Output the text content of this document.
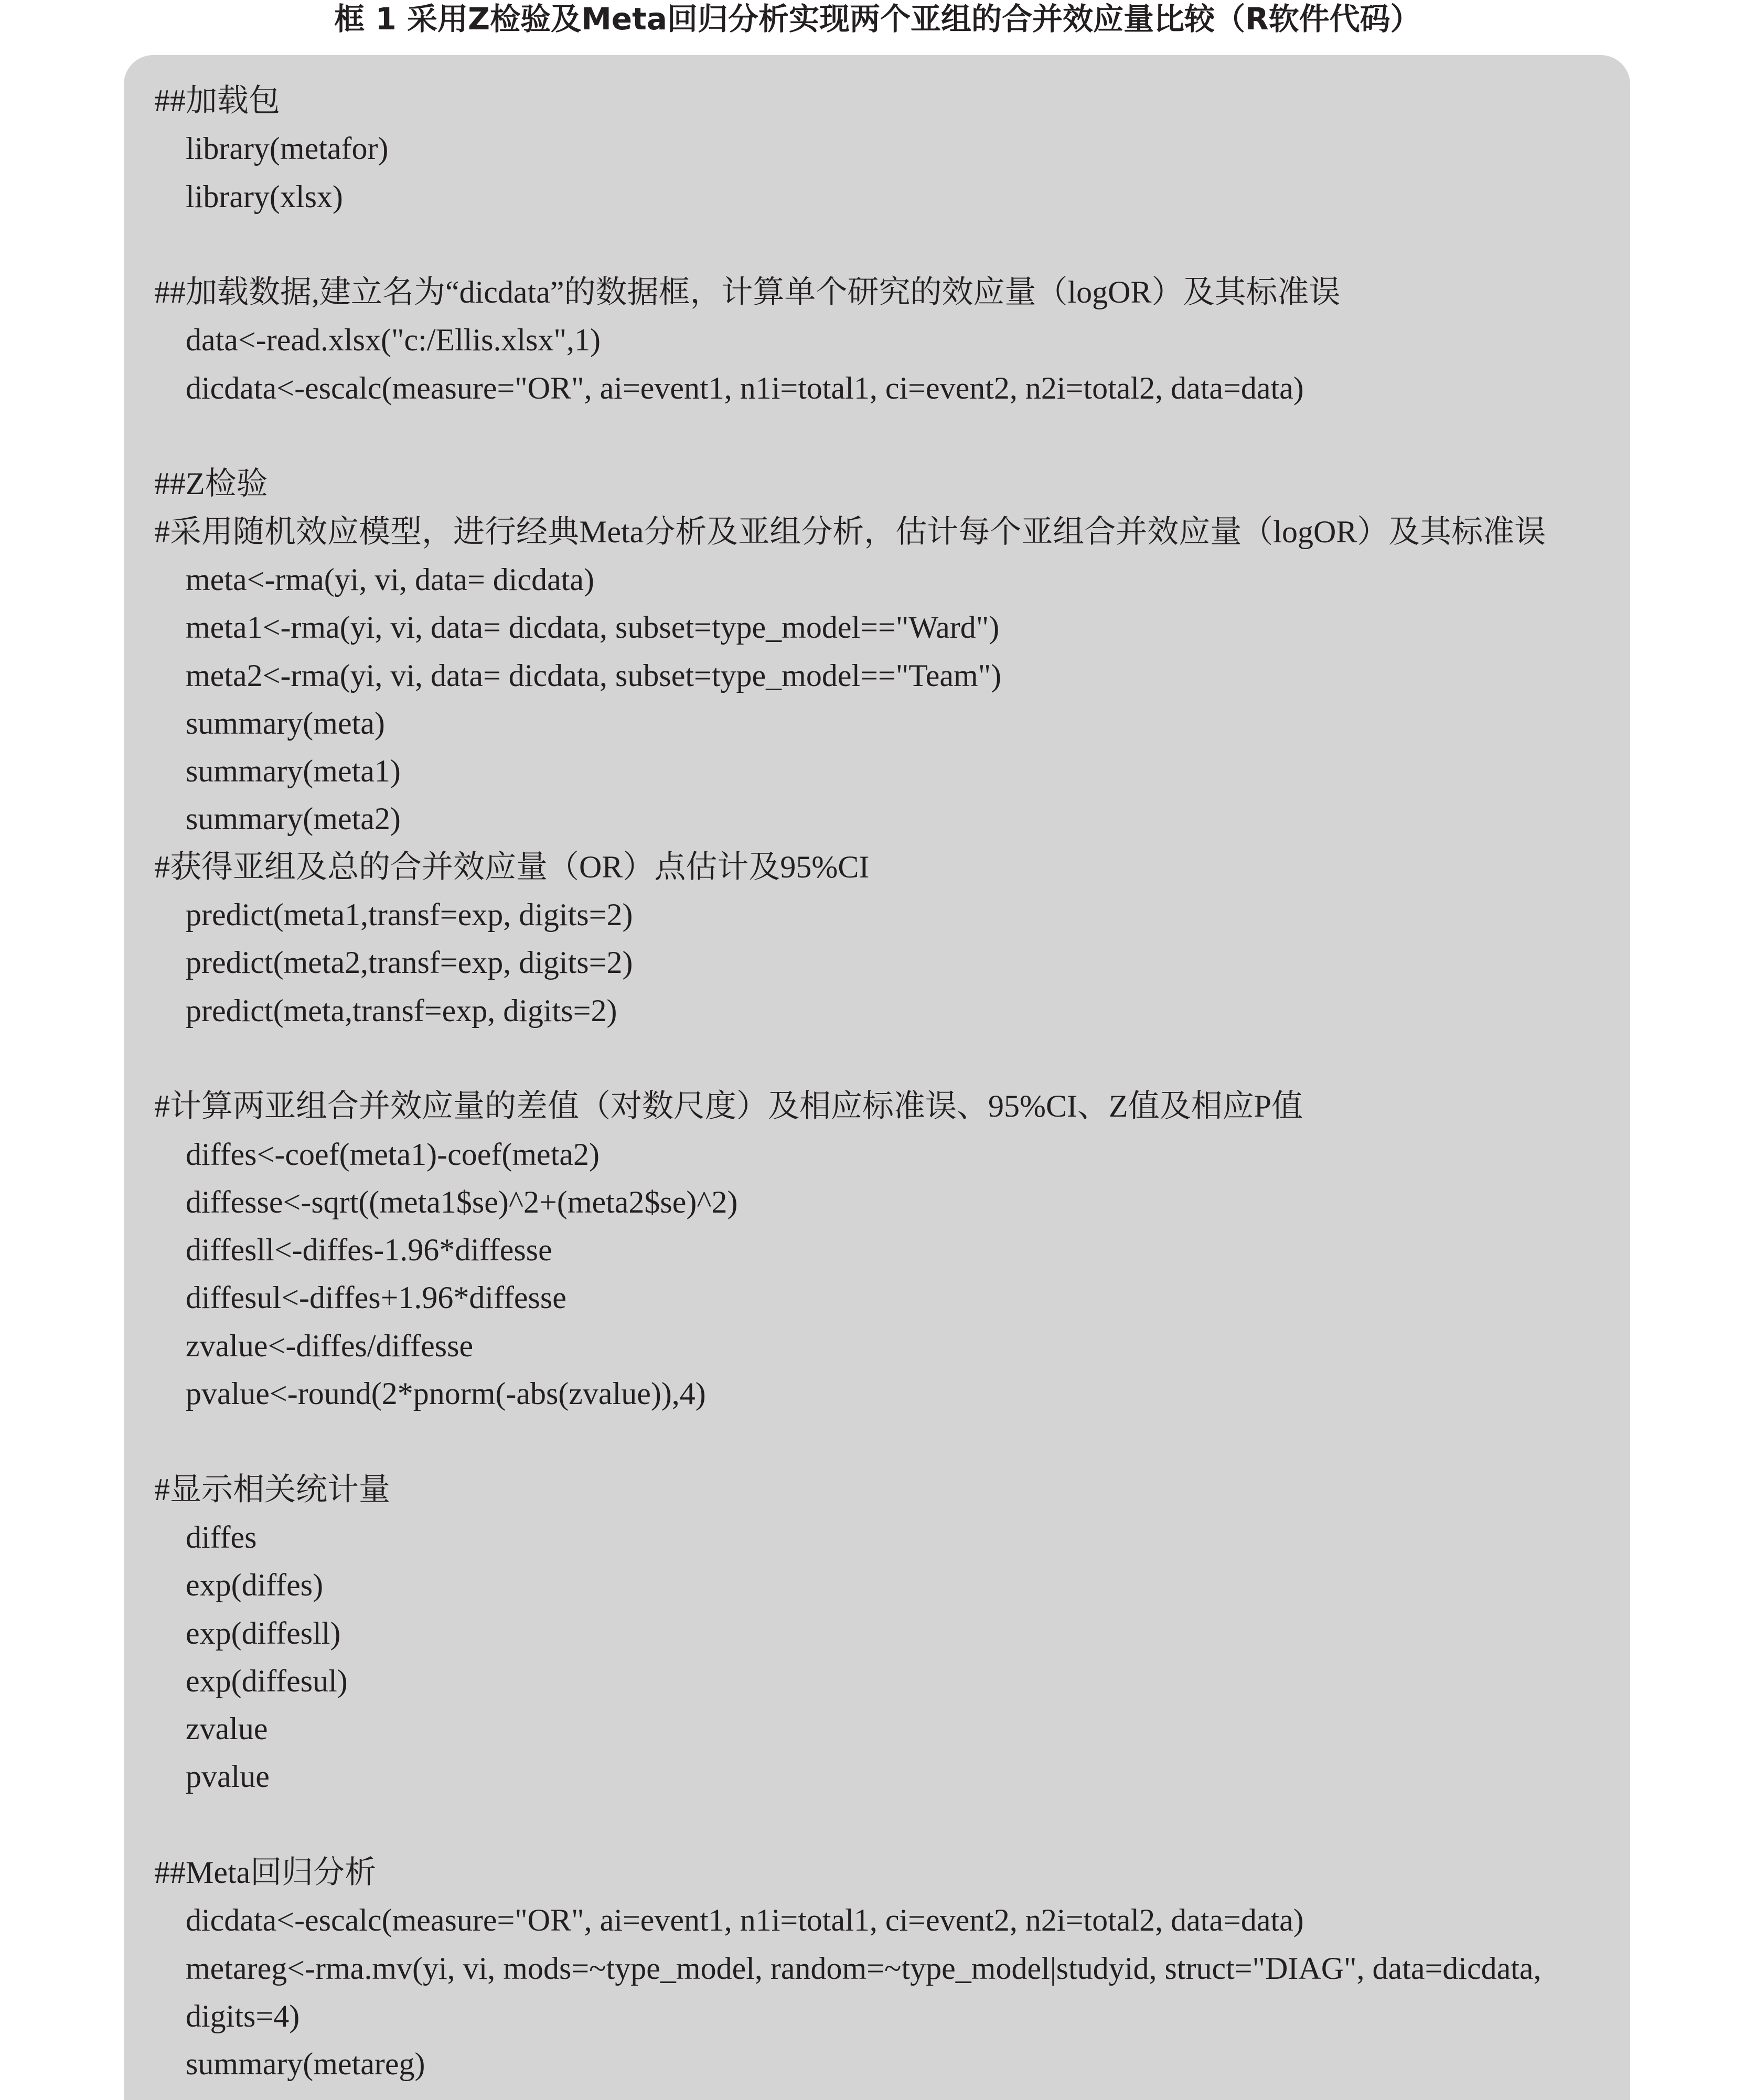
框 1 采用Z检验及Meta回归分析实现两个亚组的合并效应量比较（R软件代码）
##加载包
library(metafor)
library(xlsx)
##加载数据,建立名为“dicdata”的数据框，计算单个研究的效应量（logOR）及其标准误
data<-read.xlsx("c:/Ellis.xlsx",1)
dicdata<-escalc(measure="OR", ai=event1, n1i=total1, ci=event2, n2i=total2, data=data)
##Z检验
#采用随机效应模型，进行经典Meta分析及亚组分析，估计每个亚组合并效应量（logOR）及其标准误
meta<-rma(yi, vi, data= dicdata)
meta1<-rma(yi, vi, data= dicdata, subset=type_model=="Ward")
meta2<-rma(yi, vi, data= dicdata, subset=type_model=="Team")
summary(meta)
summary(meta1)
summary(meta2)
#获得亚组及总的合并效应量（OR）点估计及95%CI
predict(meta1,transf=exp, digits=2)
predict(meta2,transf=exp, digits=2)
predict(meta,transf=exp, digits=2)
#计算两亚组合并效应量的差值（对数尺度）及相应标准误、95%CI、Z值及相应P值
diffes<-coef(meta1)-coef(meta2)
diffesse<-sqrt((meta1$se)^2+(meta2$se)^2)
diffesll<-diffes-1.96*diffesse
diffesul<-diffes+1.96*diffesse
zvalue<-diffes/diffesse
pvalue<-round(2*pnorm(-abs(zvalue)),4)
#显示相关统计量
diffes
exp(diffes)
exp(diffesll)
exp(diffesul)
zvalue
pvalue
##Meta回归分析
dicdata<-escalc(measure="OR", ai=event1, n1i=total1, ci=event2, n2i=total2, data=data)
metareg<-rma.mv(yi, vi, mods=~type_model, random=~type_model|studyid, struct="DIAG", data=dicdata,
digits=4)
summary(metareg)
